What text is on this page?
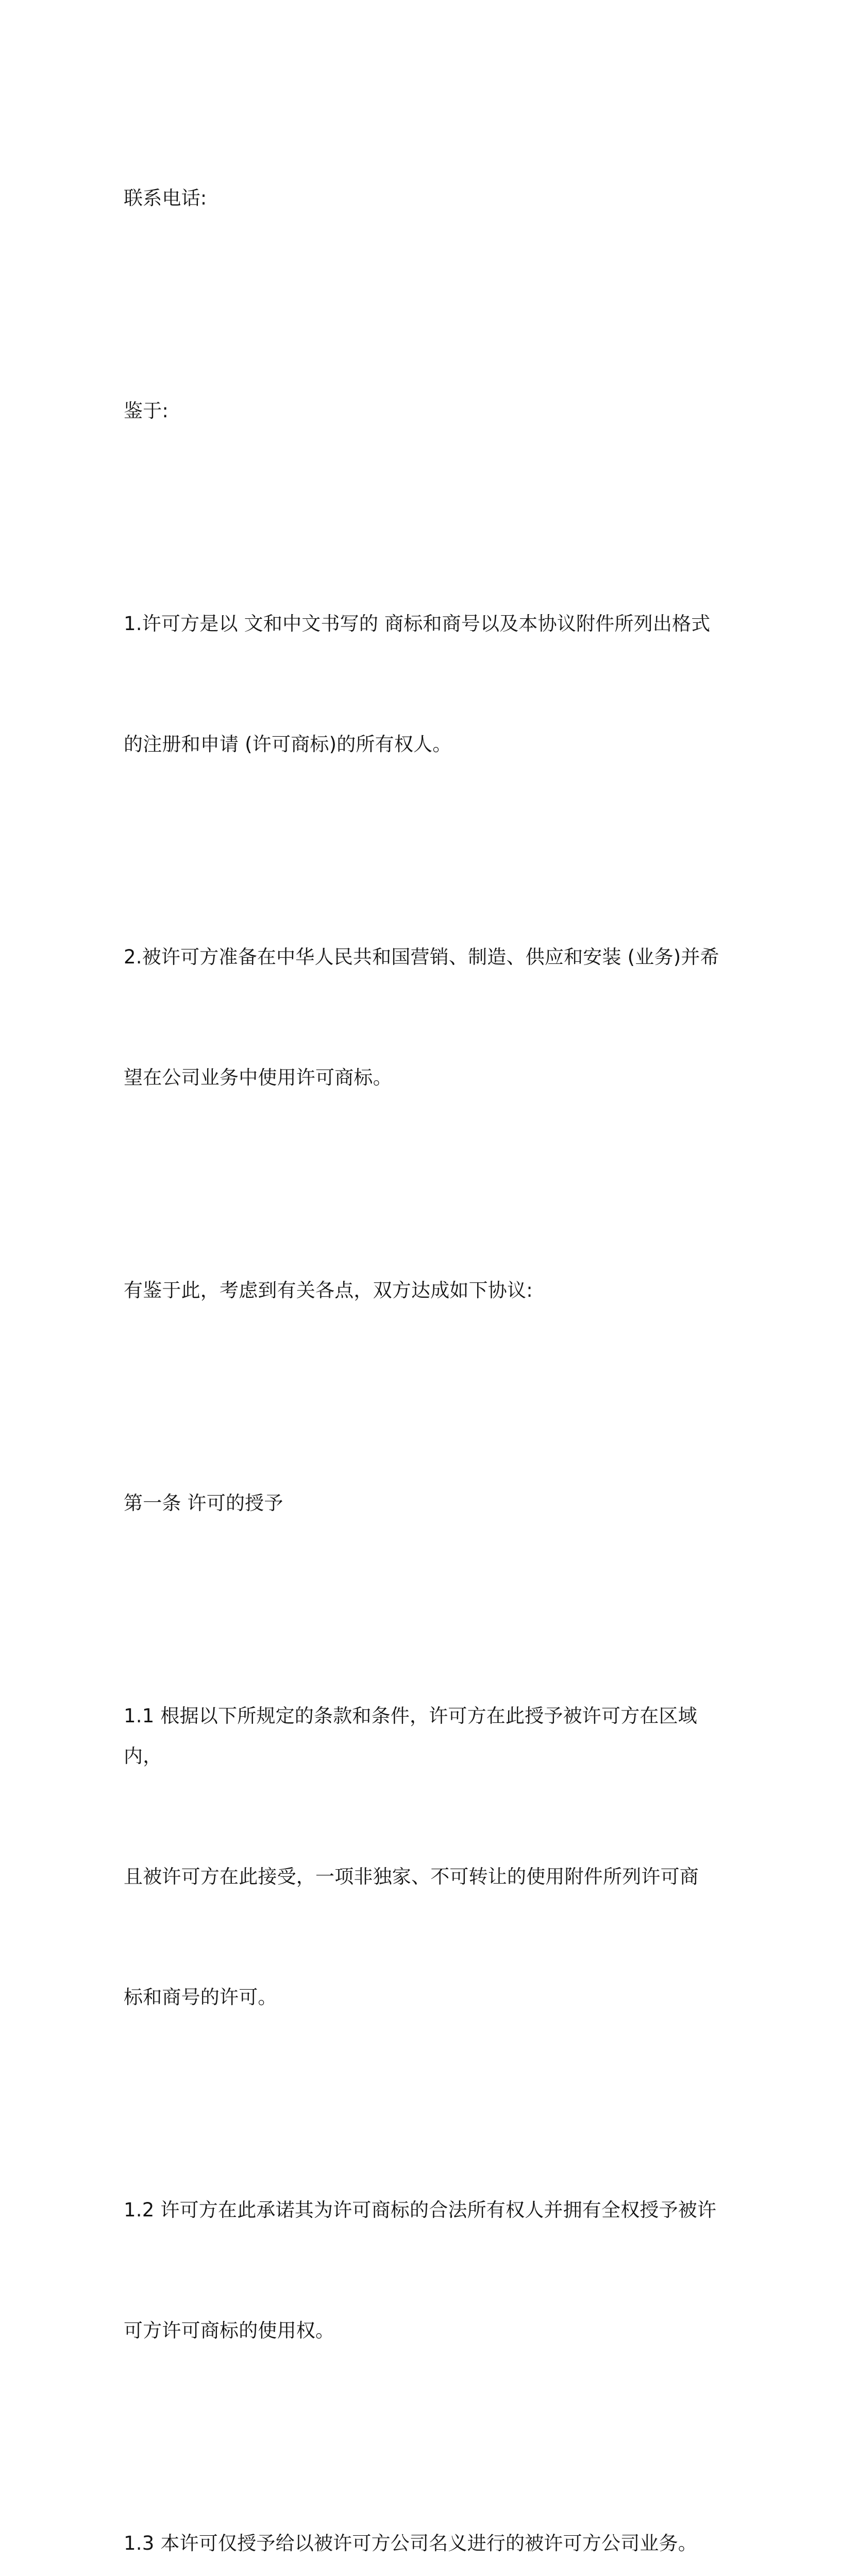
联系电话:

鉴于:

1.许可方是以 文和中文书写的 商标和商号以及本协议附件所列出格式

的注册和申请 (许可商标)的所有权人。

2.被许可方准备在中华人民共和国营销、制造、供应和安装 (业务)并希

望在公司业务中使用许可商标。

有鉴于此，考虑到有关各点，双方达成如下协议:

第一条 许可的授予

1.1 根据以下所规定的条款和条件，许可方在此授予被许可方在区域内，

且被许可方在此接受，一项非独家、不可转让的使用附件所列许可商

标和商号的许可。

1.2 许可方在此承诺其为许可商标的合法所有权人并拥有全权授予被许

可方许可商标的使用权。

1.3 本许可仅授予给以被许可方公司名义进行的被许可方公司业务。
